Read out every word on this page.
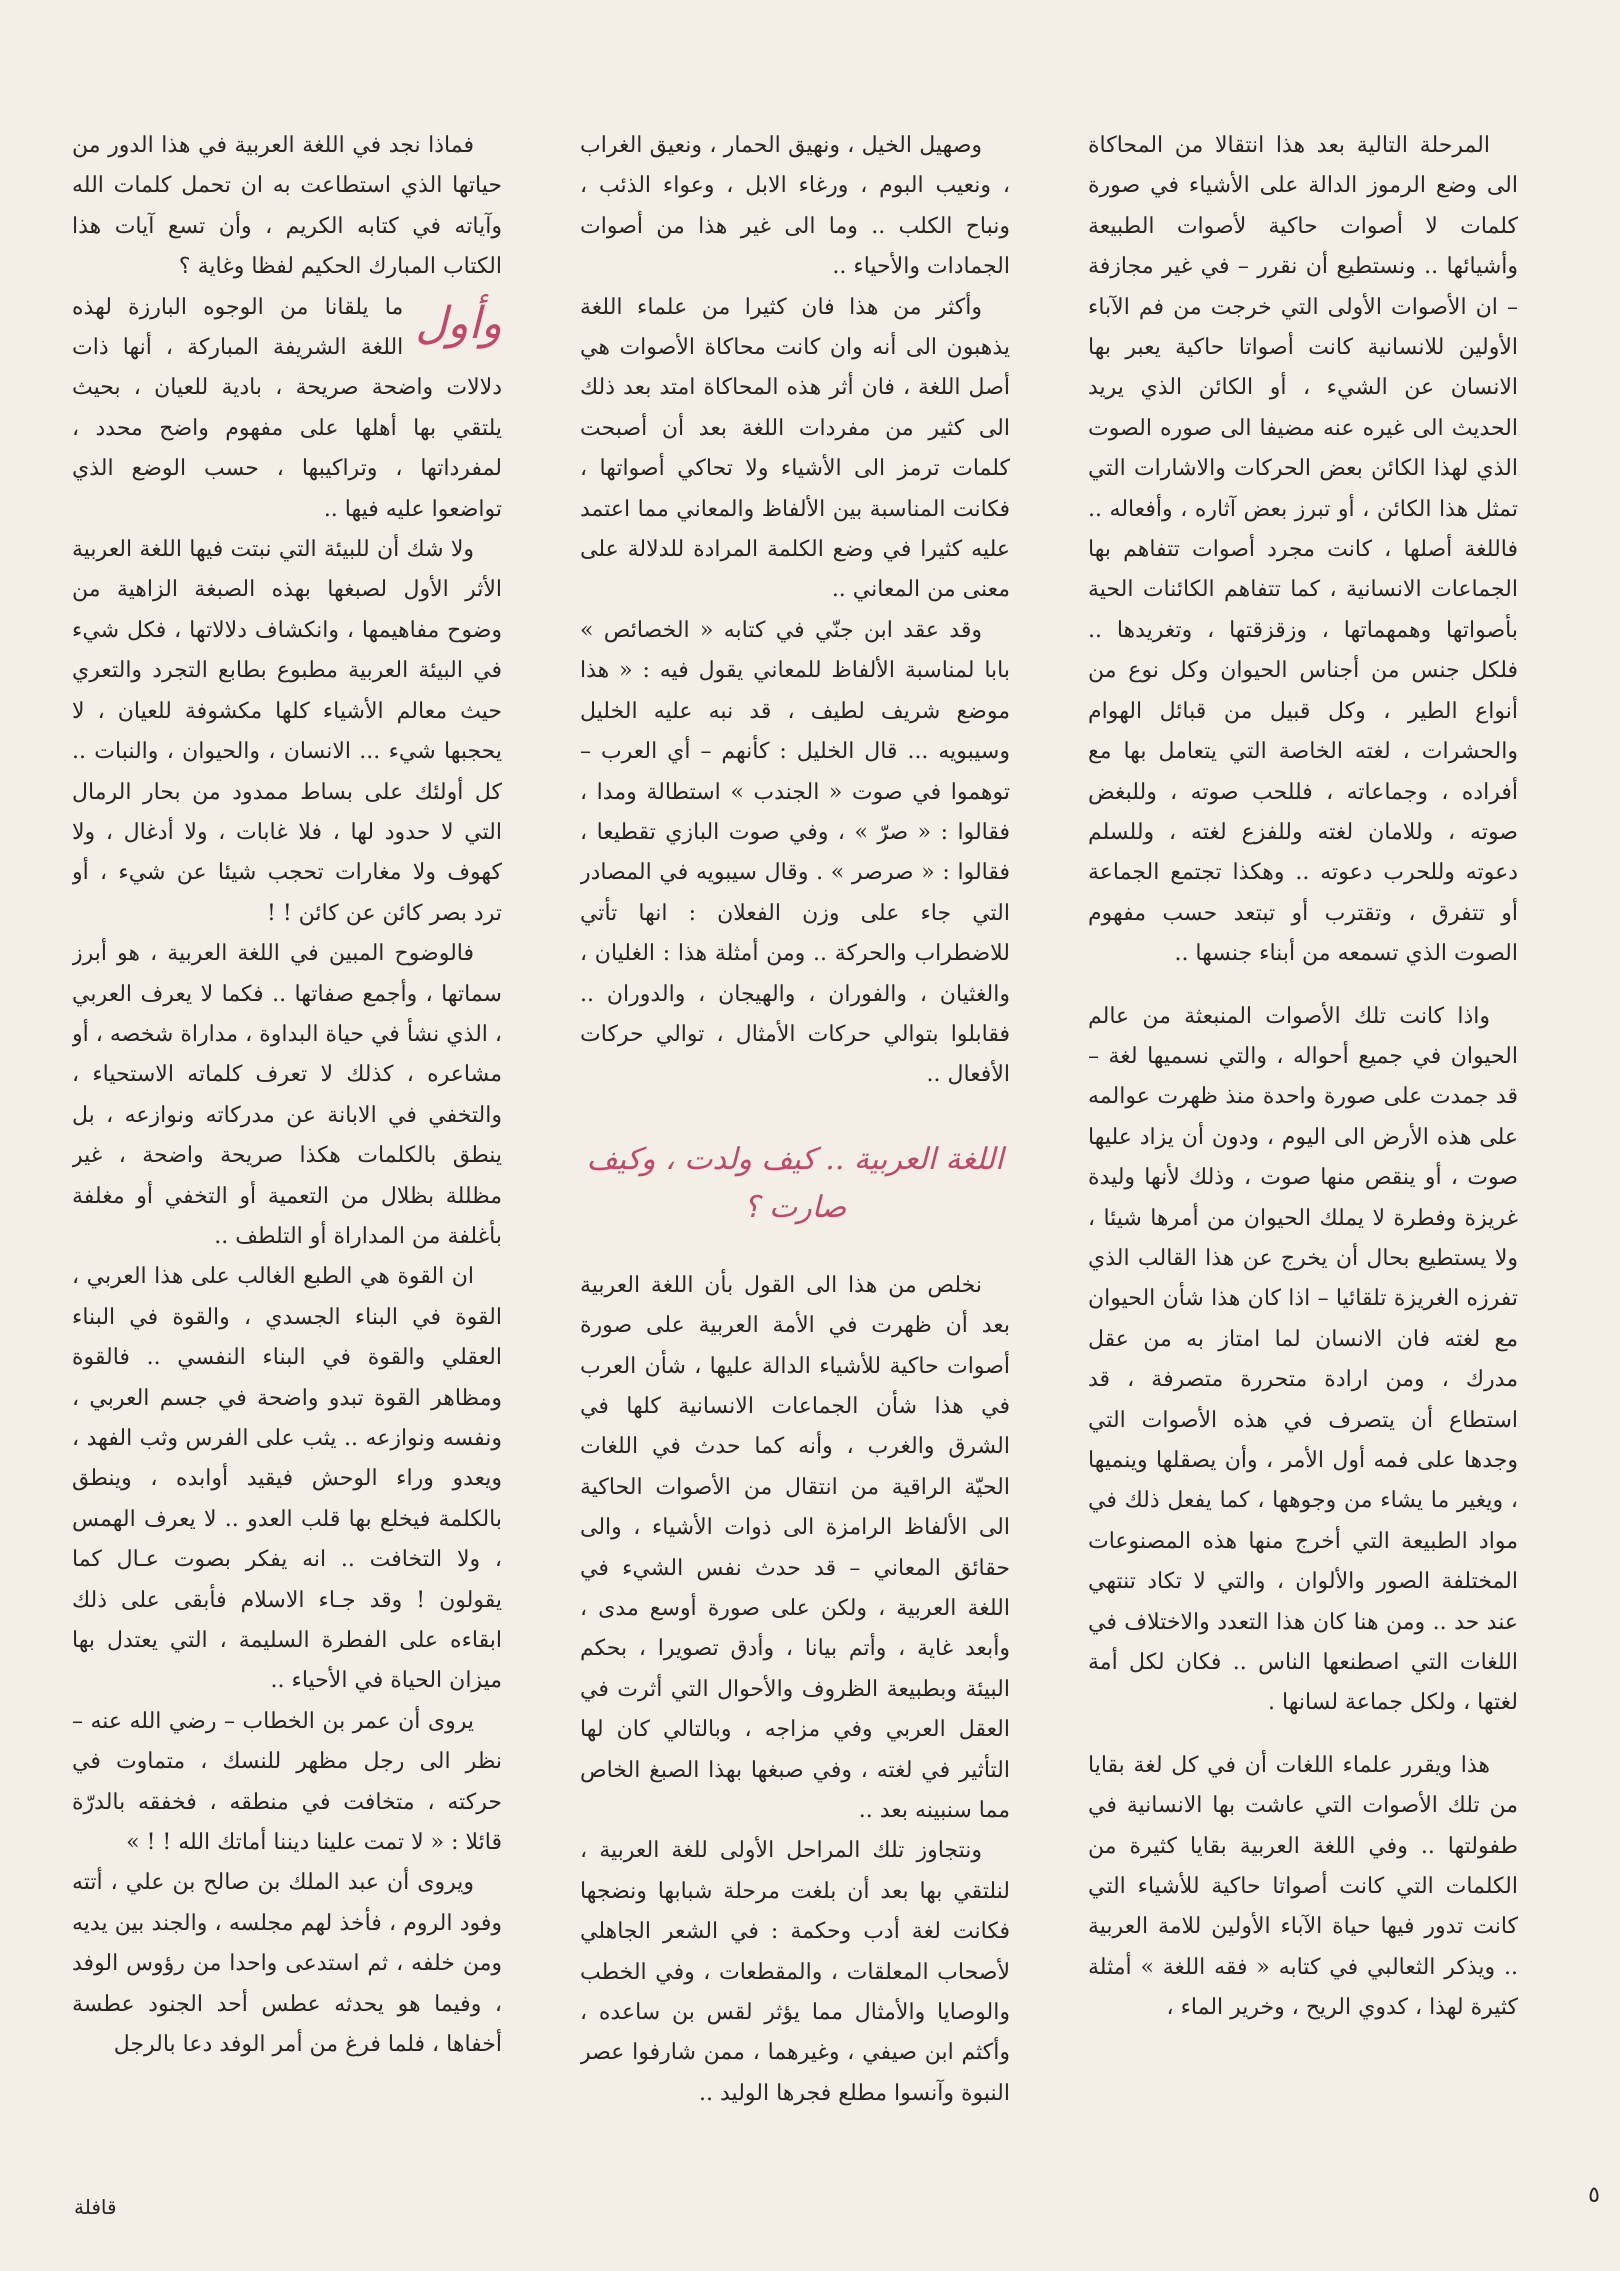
المرحلة التالية بعد هذا انتقالا من المحاكاة الى وضع الرموز الدالة على الأشياء في صورة كلمات لا أصوات حاكية لأصوات الطبيعة وأشيائها .. ونستطيع أن نقرر – في غير مجازفة – ان الأصوات الأولى التي خرجت من فم الآباء الأولين للانسانية كانت أصواتا حاكية يعبر بها الانسان عن الشيء ، أو الكائن الذي يريد الحديث الى غيره عنه مضيفا الى صوره الصوت الذي لهذا الكائن بعض الحركات والاشارات التي تمثل هذا الكائن ، أو تبرز بعض آثاره ، وأفعاله .. فاللغة أصلها ، كانت مجرد أصوات تتفاهم بها الجماعات الانسانية ، كما تتفاهم الكائنات الحية بأصواتها وهمهماتها ، وزقزقتها ، وتغريدها .. فلكل جنس من أجناس الحيوان وكل نوع من أنواع الطير ، وكل قبيل من قبائل الهوام والحشرات ، لغته الخاصة التي يتعامل بها مع أفراده ، وجماعاته ، فللحب صوته ، وللبغض صوته ، وللامان لغته وللفزع لغته ، وللسلم دعوته وللحرب دعوته .. وهكذا تجتمع الجماعة أو تتفرق ، وتقترب أو تبتعد حسب مفهوم الصوت الذي تسمعه من أبناء جنسها ..

واذا كانت تلك الأصوات المنبعثة من عالم الحيوان في جميع أحواله ، والتي نسميها لغة – قد جمدت على صورة واحدة منذ ظهرت عوالمه على هذه الأرض الى اليوم ، ودون أن يزاد عليها صوت ، أو ينقص منها صوت ، وذلك لأنها وليدة غريزة وفطرة لا يملك الحيوان من أمرها شيئا ، ولا يستطيع بحال أن يخرج عن هذا القالب الذي تفرزه الغريزة تلقائيا – اذا كان هذا شأن الحيوان مع لغته فان الانسان لما امتاز به من عقل مدرك ، ومن ارادة متحررة متصرفة ، قد استطاع أن يتصرف في هذه الأصوات التي وجدها على فمه أول الأمر ، وأن يصقلها وينميها ، ويغير ما يشاء من وجوهها ، كما يفعل ذلك في مواد الطبيعة التي أخرج منها هذه المصنوعات المختلفة الصور والألوان ، والتي لا تكاد تنتهي عند حد .. ومن هنا كان هذا التعدد والاختلاف في اللغات التي اصطنعها الناس .. فكان لكل أمة لغتها ، ولكل جماعة لسانها .

هذا ويقرر علماء اللغات أن في كل لغة بقايا من تلك الأصوات التي عاشت بها الانسانية في طفولتها .. وفي اللغة العربية بقايا كثيرة من الكلمات التي كانت أصواتا حاكية للأشياء التي كانت تدور فيها حياة الآباء الأولين للامة العربية .. ويذكر الثعالبي في كتابه « فقه اللغة » أمثلة كثيرة لهذا ، كدوي الريح ، وخرير الماء ،

وصهيل الخيل ، ونهيق الحمار ، ونعيق الغراب ، ونعيب البوم ، ورغاء الابل ، وعواء الذئب ، ونباح الكلب .. وما الى غير هذا من أصوات الجمادات والأحياء ..

وأكثر من هذا فان كثيرا من علماء اللغة يذهبون الى أنه وان كانت محاكاة الأصوات هي أصل اللغة ، فان أثر هذه المحاكاة امتد بعد ذلك الى كثير من مفردات اللغة بعد أن أصبحت كلمات ترمز الى الأشياء ولا تحاكي أصواتها ، فكانت المناسبة بين الألفاظ والمعاني مما اعتمد عليه كثيرا في وضع الكلمة المرادة للدلالة على معنى من المعاني ..

وقد عقد ابن جنّي في كتابه « الخصائص » بابا لمناسبة الألفاظ للمعاني يقول فيه : « هذا موضع شريف لطيف ، قد نبه عليه الخليل وسيبويه ... قال الخليل : كأنهم – أي العرب – توهموا في صوت « الجندب » استطالة ومدا ، فقالوا : « صرّ » ، وفي صوت البازي تقطيعا ، فقالوا : « صرصر » . وقال سيبويه في المصادر التي جاء على وزن الفعلان : انها تأتي للاضطراب والحركة .. ومن أمثلة هذا : الغليان ، والغثيان ، والفوران ، والهيجان ، والدوران .. فقابلوا بتوالي حركات الأمثال ، توالي حركات الأفعال ..

اللغة العربية .. كيف ولدت ، وكيف صارت ؟

نخلص من هذا الى القول بأن اللغة العربية بعد أن ظهرت في الأمة العربية على صورة أصوات حاكية للأشياء الدالة عليها ، شأن العرب في هذا شأن الجماعات الانسانية كلها في الشرق والغرب ، وأنه كما حدث في اللغات الحيّة الراقية من انتقال من الأصوات الحاكية الى الألفاظ الرامزة الى ذوات الأشياء ، والى حقائق المعاني – قد حدث نفس الشيء في اللغة العربية ، ولكن على صورة أوسع مدى ، وأبعد غاية ، وأتم بيانا ، وأدق تصويرا ، بحكم البيئة وبطبيعة الظروف والأحوال التي أثرت في العقل العربي وفي مزاجه ، وبالتالي كان لها التأثير في لغته ، وفي صبغها بهذا الصبغ الخاص مما سنبينه بعد ..

ونتجاوز تلك المراحل الأولى للغة العربية ، لنلتقي بها بعد أن بلغت مرحلة شبابها ونضجها فكانت لغة أدب وحكمة : في الشعر الجاهلي لأصحاب المعلقات ، والمقطعات ، وفي الخطب والوصايا والأمثال مما يؤثر لقس بن ساعده ، وأكثم ابن صيفي ، وغيرهما ، ممن شارفوا عصر النبوة وآنسوا مطلع فجرها الوليد ..

فماذا نجد في اللغة العربية في هذا الدور من حياتها الذي استطاعت به ان تحمل كلمات الله وآياته في كتابه الكريم ، وأن تسع آيات هذا الكتاب المبارك الحكيم لفظا وغاية ؟

وأول
ما يلقانا من الوجوه البارزة لهذه اللغة الشريفة المباركة ، أنها ذات دلالات واضحة صريحة ، بادية للعيان ، بحيث يلتقي بها أهلها على مفهوم واضح محدد ، لمفرداتها ، وتراكيبها ، حسب الوضع الذي تواضعوا عليه فيها ..

ولا شك أن للبيئة التي نبتت فيها اللغة العربية الأثر الأول لصبغها بهذه الصبغة الزاهية من وضوح مفاهيمها ، وانكشاف دلالاتها ، فكل شيء في البيئة العربية مطبوع بطابع التجرد والتعري حيث معالم الأشياء كلها مكشوفة للعيان ، لا يحجبها شيء ... الانسان ، والحيوان ، والنبات .. كل أولئك على بساط ممدود من بحار الرمال التي لا حدود لها ، فلا غابات ، ولا أدغال ، ولا كهوف ولا مغارات تحجب شيئا عن شيء ، أو ترد بصر كائن عن كائن ! !

فالوضوح المبين في اللغة العربية ، هو أبرز سماتها ، وأجمع صفاتها .. فكما لا يعرف العربي ، الذي نشأ في حياة البداوة ، مداراة شخصه ، أو مشاعره ، كذلك لا تعرف كلماته الاستحياء ، والتخفي في الابانة عن مدركاته ونوازعه ، بل ينطق بالكلمات هكذا صريحة واضحة ، غير مظللة بظلال من التعمية أو التخفي أو مغلفة بأغلفة من المداراة أو التلطف ..

ان القوة هي الطبع الغالب على هذا العربي ، القوة في البناء الجسدي ، والقوة في البناء العقلي والقوة في البناء النفسي .. فالقوة ومظاهر القوة تبدو واضحة في جسم العربي ، ونفسه ونوازعه .. يثب على الفرس وثب الفهد ، ويعدو وراء الوحش فيقيد أوابده ، وينطق بالكلمة فيخلع بها قلب العدو .. لا يعرف الهمس ، ولا التخافت .. انه يفكر بصوت عـال كما يقولون ! وقد جـاء الاسلام فأبقى على ذلك ابقاءه على الفطرة السليمة ، التي يعتدل بها ميزان الحياة في الأحياء ..

يروى أن عمر بن الخطاب – رضي الله عنه – نظر الى رجل مظهر للنسك ، متماوت في حركته ، متخافت في منطقه ، فخفقه بالدرّة قائلا : « لا تمت علينا ديننا أماتك الله ! ! »

ويروى أن عبد الملك بن صالح بن علي ، أتته وفود الروم ، فأخذ لهم مجلسه ، والجند بين يديه ومن خلفه ، ثم استدعى واحدا من رؤوس الوفد ، وفيما هو يحدثه عطس أحد الجنود عطسة أخفاها ، فلما فرغ من أمر الوفد دعا بالرجل

٥
قافلة
